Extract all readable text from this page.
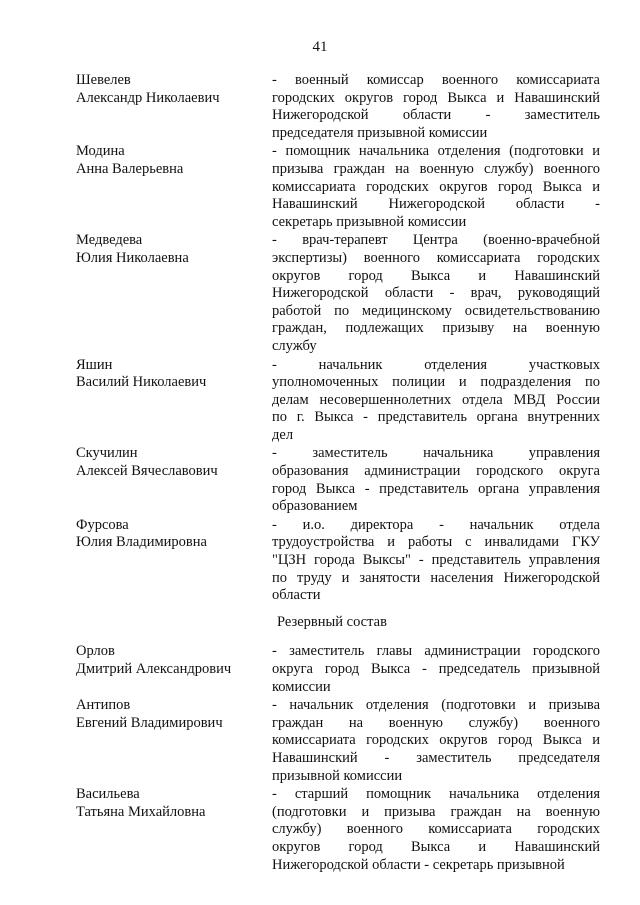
41
Шевелев
Александр Николаевич
- военный комиссар военного комиссариата
городских округов город Выкса и Навашинский
Нижегородской области - заместитель
председателя призывной комиссии
Модина
Анна Валерьевна
- помощник начальника отделения (подготовки и
призыва граждан на военную службу) военного
комиссариата городских округов город Выкса и
Навашинский Нижегородской области -
секретарь призывной комиссии
Медведева
Юлия Николаевна
- врач-терапевт Центра (военно-врачебной
экспертизы) военного комиссариата городских
округов город Выкса и Навашинский
Нижегородской области - врач, руководящий
работой по медицинскому освидетельствованию
граждан, подлежащих призыву на военную
службу
Яшин
Василий Николаевич
- начальник отделения участковых
уполномоченных полиции и подразделения по
делам несовершеннолетних отдела МВД России
по г. Выкса - представитель органа внутренних
дел
Скучилин
Алексей Вячеславович
- заместитель начальника управления
образования администрации городского округа
город Выкса - представитель органа управления
образованием
Фурсова
Юлия Владимировна
- и.о. директора - начальник отдела
трудоустройства и работы с инвалидами ГКУ
"ЦЗН города Выксы" - представитель управления
по труду и занятости населения Нижегородской
области
Резервный состав
Орлов
Дмитрий Александрович
- заместитель главы администрации городского
округа город Выкса - председатель призывной
комиссии
Антипов
Евгений Владимирович
- начальник отделения (подготовки и призыва
граждан на военную службу) военного
комиссариата городских округов город Выкса и
Навашинский - заместитель председателя
призывной комиссии
Васильева
Татьяна Михайловна
- старший помощник начальника отделения
(подготовки и призыва граждан на военную
службу) военного комиссариата городских
округов город Выкса и Навашинский
Нижегородской области - секретарь призывной
